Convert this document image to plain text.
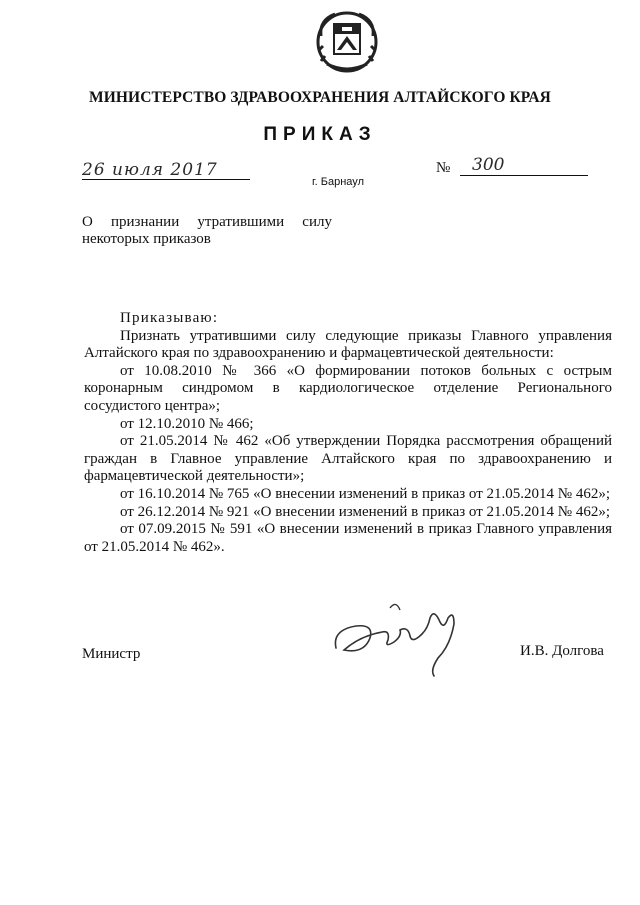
МИНИСТЕРСТВО ЗДРАВООХРАНЕНИЯ АЛТАЙСКОГО КРАЯ
ПРИКАЗ
26 июля 2017
г. Барнаул
№ 300
О признании утратившими силу
некоторых приказов

Приказываю:

Признать утратившими силу следующие приказы Главного управления Алтайского края по здравоохранению и фармацевтической деятельности:

от 10.08.2010 № 366 «О формировании потоков больных с острым коронарным синдромом в кардиологическое отделение Регионального сосудистого центра»;

от 12.10.2010 № 466;

от 21.05.2014 № 462 «Об утверждении Порядка рассмотрения обращений граждан в Главное управление Алтайского края по здравоохранению и фармацевтической деятельности»;

от 16.10.2014 № 765 «О внесении изменений в приказ от 21.05.2014 № 462»;

от 26.12.2014 № 921 «О внесении изменений в приказ от 21.05.2014 № 462»;

от 07.09.2015 № 591 «О внесении изменений в приказ Главного управления от 21.05.2014 № 462».

Министр	И.В. Долгова
